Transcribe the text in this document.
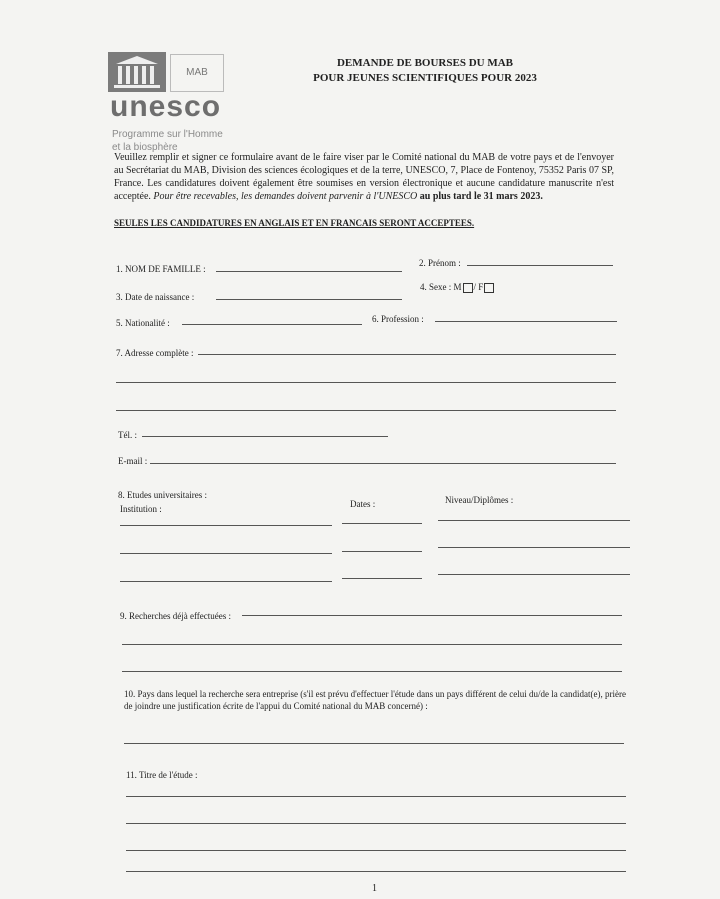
MAB
unesco
Programme sur l'Homme
et la biosphère
DEMANDE DE BOURSES DU MAB
POUR JEUNES SCIENTIFIQUES POUR 2023
Veuillez remplir et signer ce formulaire avant de le faire viser par le Comité national du MAB de votre pays et de l'envoyer au Secrétariat du MAB, Division des sciences écologiques et de la terre, UNESCO, 7, Place de Fontenoy, 75352 Paris 07 SP, France. Les candidatures doivent également être soumises en version électronique et aucune candidature manuscrite n'est acceptée. Pour être recevables, les demandes doivent parvenir à l'UNESCO au plus tard le 31 mars 2023.
SEULES LES CANDIDATURES EN ANGLAIS ET EN FRANCAIS SERONT ACCEPTEES.
1. NOM DE FAMILLE :
2. Prénom :
3. Date de naissance :
4. Sexe : M / F
5. Nationalité :	6. Profession :
7. Adresse complète :
Tél. :
E-mail :
8. Etudes universitaires :
Institution :	Dates :	Niveau/Diplômes :
9. Recherches déjà effectuées :
10. Pays dans lequel la recherche sera entreprise (s'il est prévu d'effectuer l'étude dans un pays différent de celui du/de la candidat(e), prière de joindre une justification écrite de l'appui du Comité national du MAB concerné) :
11. Titre de l'étude :
1
